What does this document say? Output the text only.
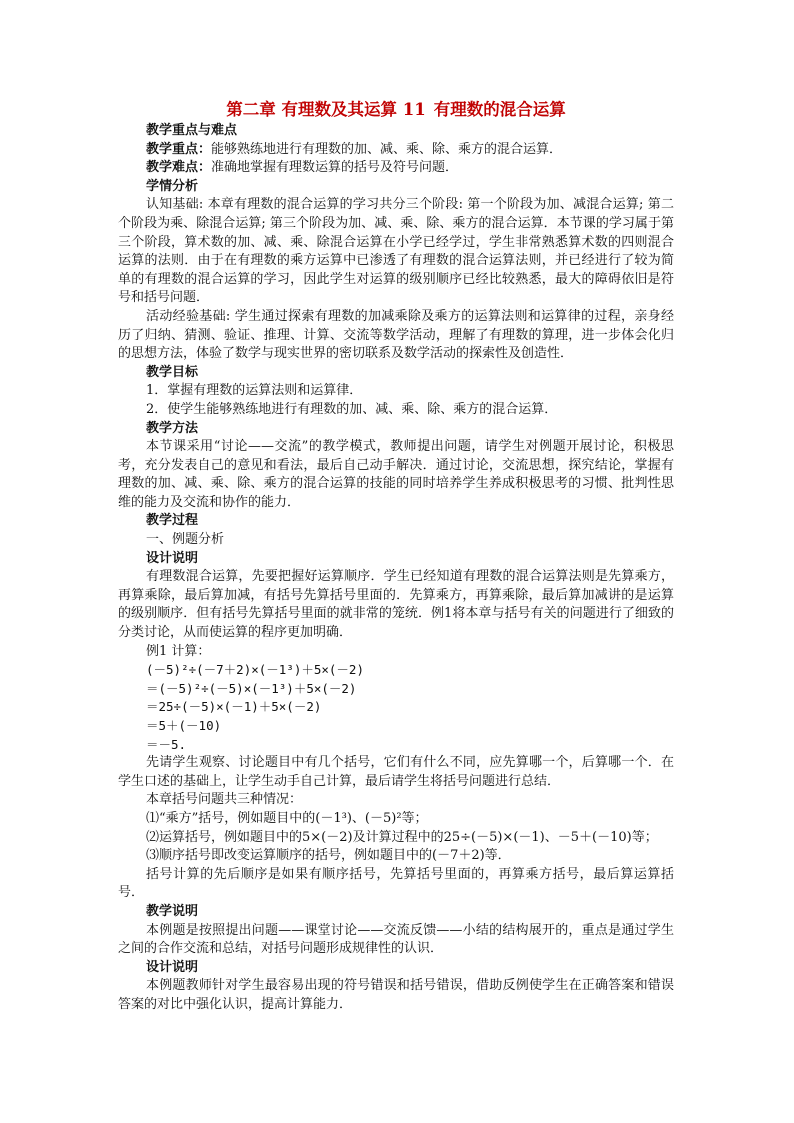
第二章 有理数及其运算 11 有理数的混合运算
教学重点与难点
教学重点：能够熟练地进行有理数的加、减、乘、除、乘方的混合运算．
教学难点：准确地掌握有理数运算的括号及符号问题．
学情分析

认知基础: 本章有理数的混合运算的学习共分三个阶段: 第一个阶段为加、减混合运算; 第二个阶段为乘、除混合运算; 第三个阶段为加、减、乘、除、乘方的混合运算．本节课的学习属于第三个阶段，算术数的加、减、乘、除混合运算在小学已经学过，学生非常熟悉算术数的四则混合运算的法则．由于在有理数的乘方运算中已渗透了有理数的混合运算法则，并已经进行了较为简单的有理数的混合运算的学习，因此学生对运算的级别顺序已经比较熟悉，最大的障碍依旧是符号和括号问题．

活动经验基础: 学生通过探索有理数的加减乘除及乘方的运算法则和运算律的过程，亲身经历了归纳、猜测、验证、推理、计算、交流等数学活动，理解了有理数的算理，进一步体会化归的思想方法，体验了数学与现实世界的密切联系及数学活动的探索性及创造性．

教学目标
1．掌握有理数的运算法则和运算律．
2．使学生能够熟练地进行有理数的加、减、乘、除、乘方的混合运算．
教学方法

本节课采用“讨论——交流”的教学模式，教师提出问题，请学生对例题开展讨论，积极思考，充分发表自己的意见和看法，最后自己动手解决．通过讨论，交流思想，探究结论，掌握有理数的加、减、乘、除、乘方的混合运算的技能的同时培养学生养成积极思考的习惯、批判性思维的能力及交流和协作的能力．

教学过程
一、例题分析
设计说明

有理数混合运算，先要把握好运算顺序．学生已经知道有理数的混合运算法则是先算乘方，再算乘除，最后算加减，有括号先算括号里面的．先算乘方，再算乘除，最后算加减讲的是运算的级别顺序．但有括号先算括号里面的就非常的笼统．例1将本章与括号有关的问题进行了细致的分类讨论，从而使运算的程序更加明确．

例1 计算：
(－5)²÷(－7＋2)×(－1³)＋5×(－2)
＝(－5)²÷(－5)×(－1³)＋5×(－2)
＝25÷(－5)×(－1)＋5×(－2)
＝5＋(－10)
＝－5.

先请学生观察、讨论题目中有几个括号，它们有什么不同，应先算哪一个，后算哪一个．在学生口述的基础上，让学生动手自己计算，最后请学生将括号问题进行总结．

本章括号问题共三种情况：
⑴“乘方”括号，例如题目中的(－1³)、(－5)²等；

⑵运算括号，例如题目中的5×(－2)及计算过程中的25÷(－5)×(－1)、－5＋(－10)等；

⑶顺序括号即改变运算顺序的括号，例如题目中的(－7＋2)等．

括号计算的先后顺序是如果有顺序括号，先算括号里面的，再算乘方括号，最后算运算括号．

教学说明

本例题是按照提出问题——课堂讨论——交流反馈——小结的结构展开的，重点是通过学生之间的合作交流和总结，对括号问题形成规律性的认识．

设计说明

本例题教师针对学生最容易出现的符号错误和括号错误，借助反例使学生在正确答案和错误答案的对比中强化认识，提高计算能力．
